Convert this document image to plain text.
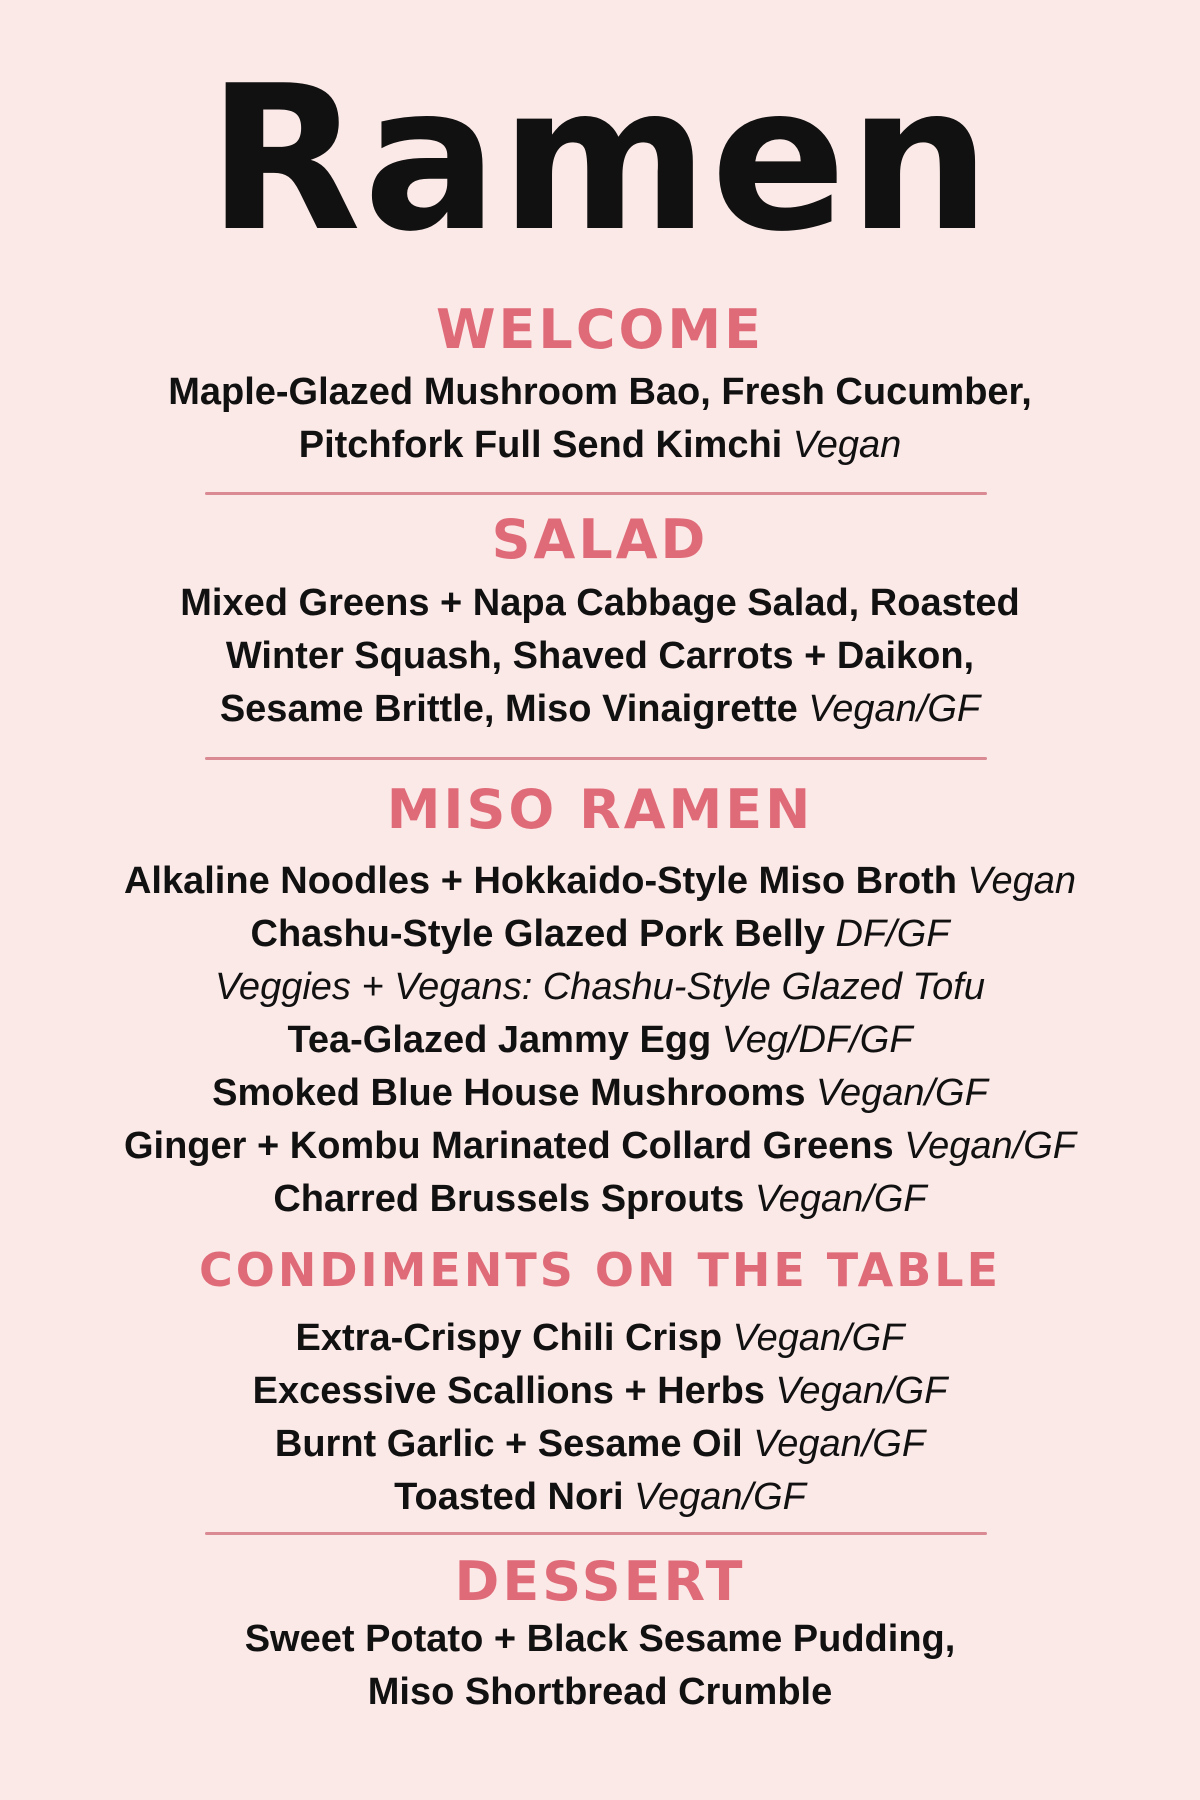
Ramen
WELCOME
Maple-Glazed Mushroom Bao, Fresh Cucumber,
Pitchfork Full Send Kimchi Vegan
SALAD
Mixed Greens + Napa Cabbage Salad, Roasted
Winter Squash, Shaved Carrots + Daikon,
Sesame Brittle, Miso Vinaigrette Vegan/GF
MISO RAMEN
Alkaline Noodles + Hokkaido-Style Miso Broth Vegan
Chashu-Style Glazed Pork Belly DF/GF
Veggies + Vegans: Chashu-Style Glazed Tofu
Tea-Glazed Jammy Egg Veg/DF/GF
Smoked Blue House Mushrooms Vegan/GF
Ginger + Kombu Marinated Collard Greens Vegan/GF
Charred Brussels Sprouts Vegan/GF
CONDIMENTS ON THE TABLE
Extra-Crispy Chili Crisp Vegan/GF
Excessive Scallions + Herbs Vegan/GF
Burnt Garlic + Sesame Oil Vegan/GF
Toasted Nori Vegan/GF
DESSERT
Sweet Potato + Black Sesame Pudding,
Miso Shortbread Crumble
